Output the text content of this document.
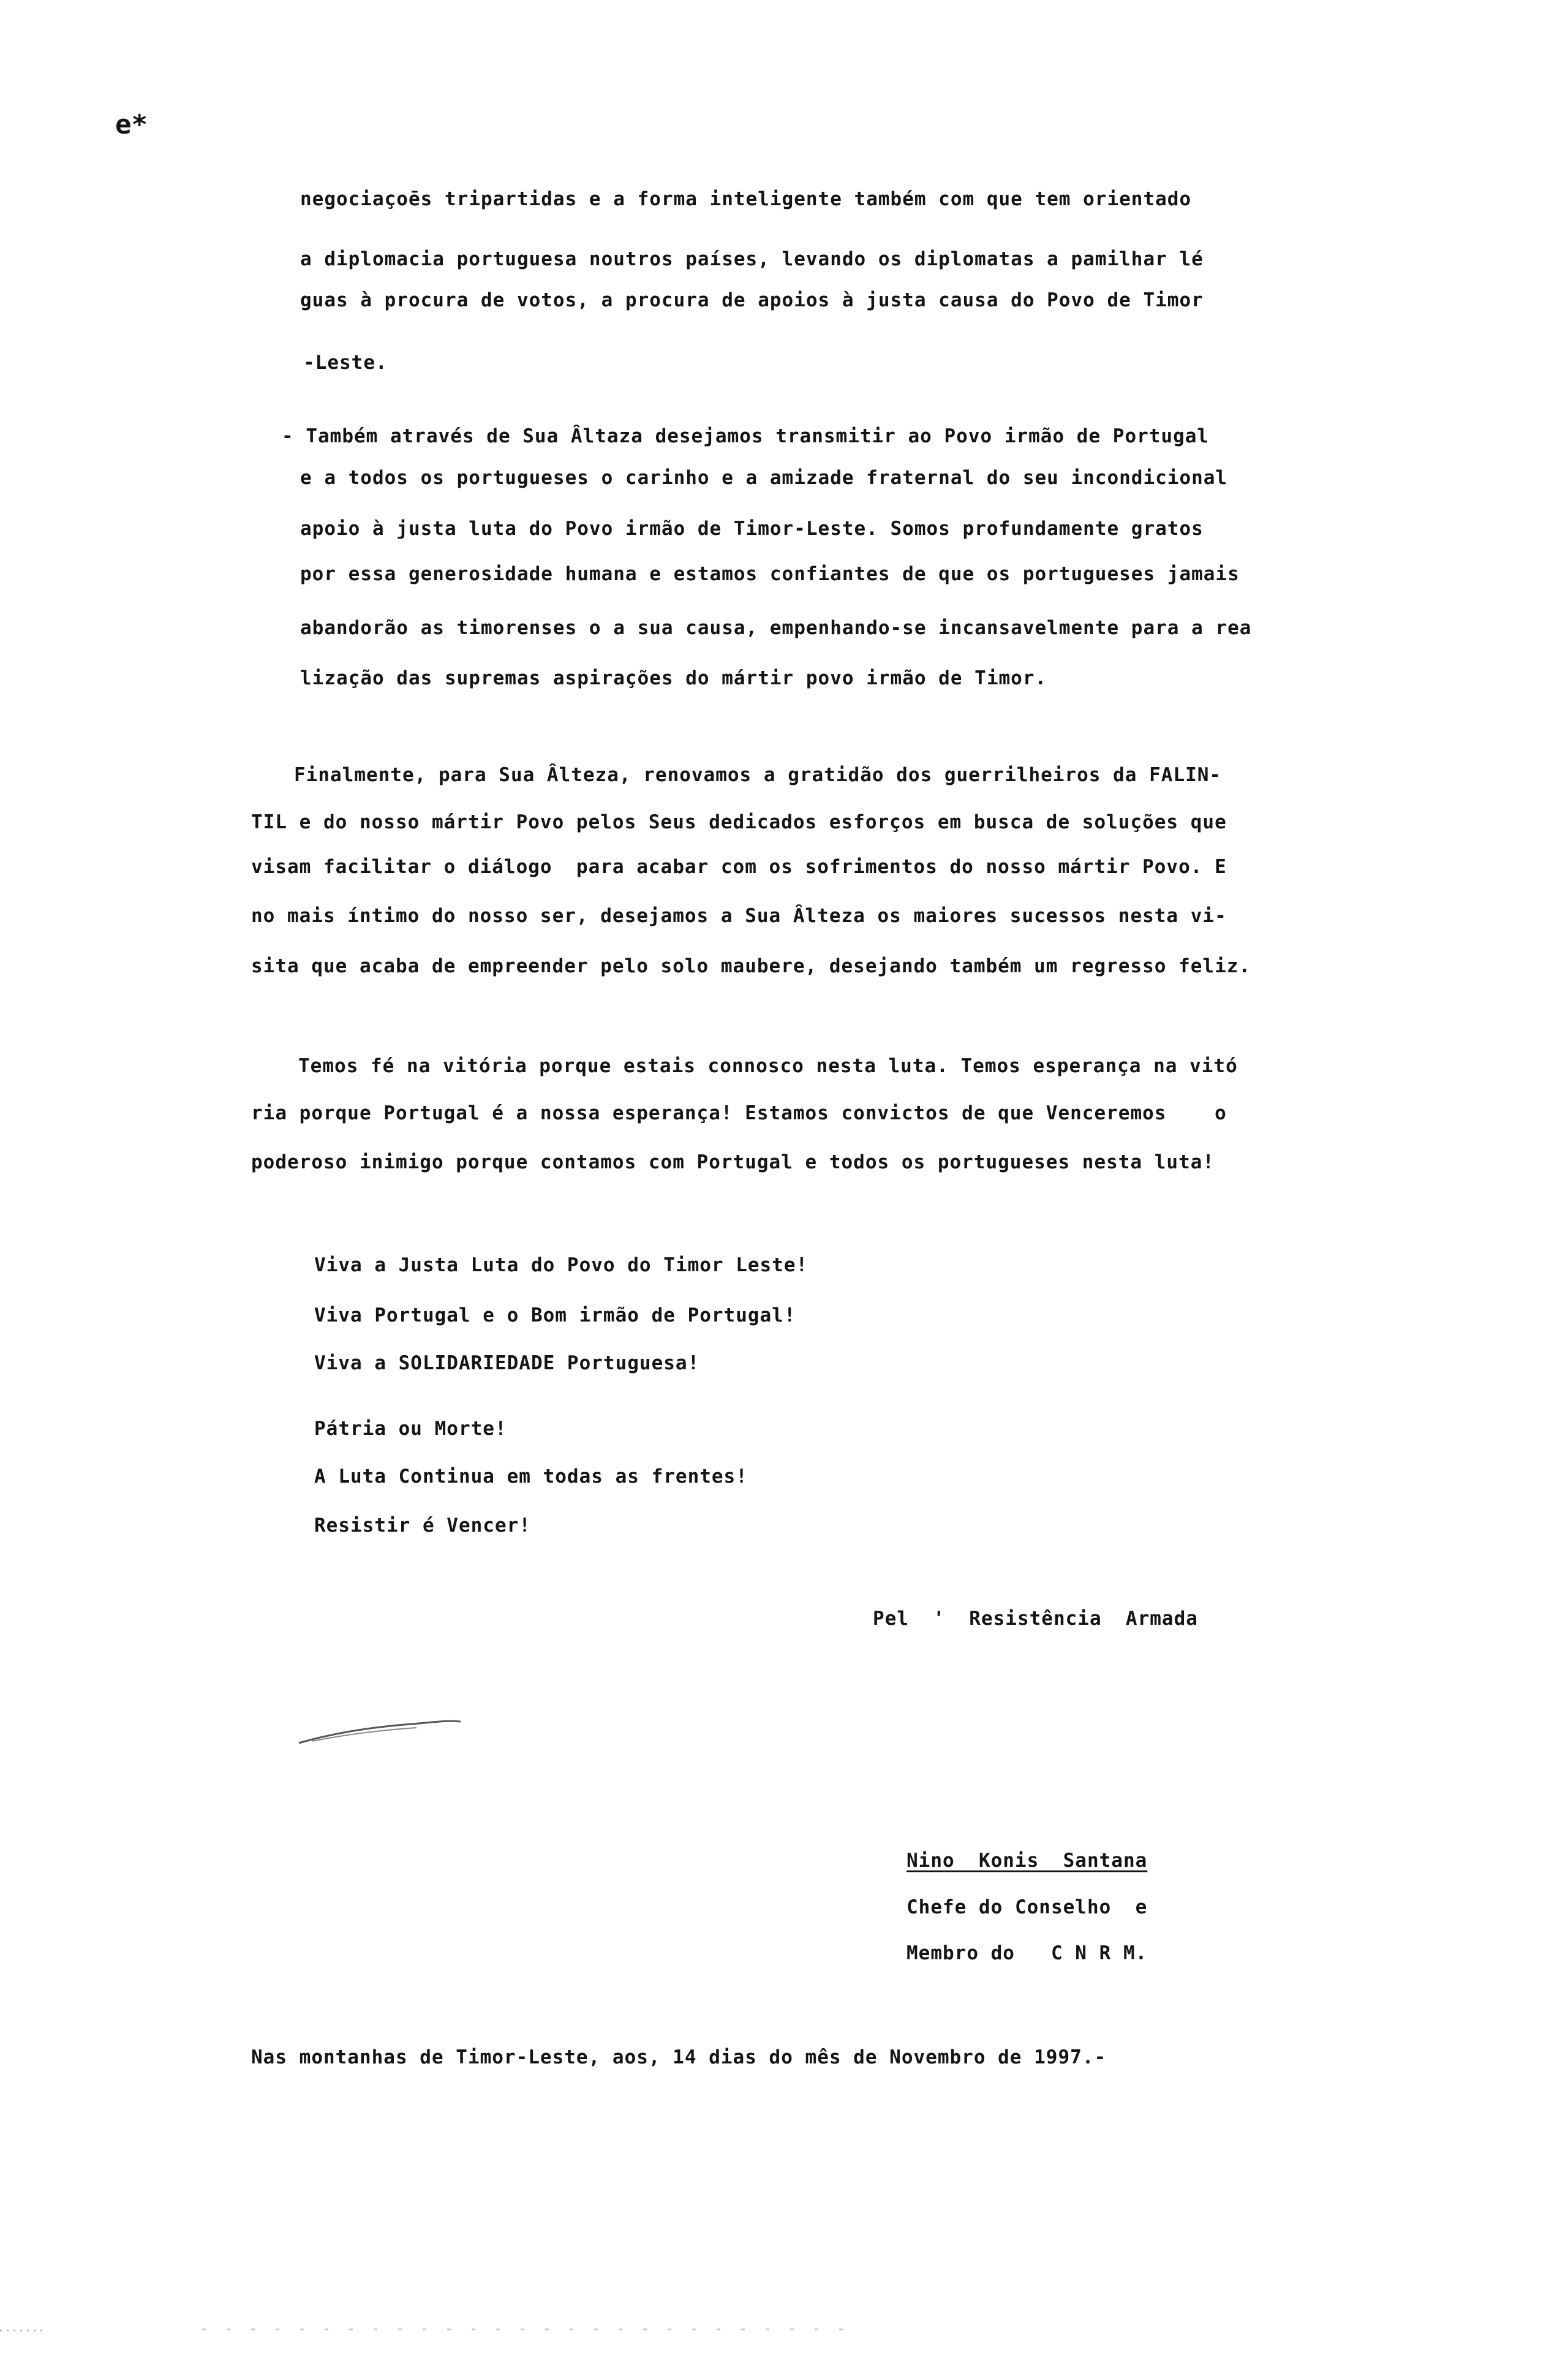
e*
negociaçoēs tripartidas e a forma inteligente também com que tem orientado
a diplomacia portuguesa noutros países, levando os diplomatas a pamilhar lé
guas à procura de votos, a procura de apoios à justa causa do Povo de Timor
-Leste.
- Também através de Sua Âltaza desejamos transmitir ao Povo irmão de Portugal
e a todos os portugueses o carinho e a amizade fraternal do seu incondicional
apoio à justa luta do Povo irmão de Timor-Leste. Somos profundamente gratos
por essa generosidade humana e estamos confiantes de que os portugueses jamais
abandorão as timorenses o a sua causa, empenhando-se incansavelmente para a rea
lização das supremas aspirações do mártir povo irmão de Timor.
Finalmente, para Sua Âlteza, renovamos a gratidão dos guerrilheiros da FALIN-
TIL e do nosso mártir Povo pelos Seus dedicados esforços em busca de soluções que
visam facilitar o diálogo  para acabar com os sofrimentos do nosso mártir Povo. E
no mais íntimo do nosso ser, desejamos a Sua Âlteza os maiores sucessos nesta vi-
sita que acaba de empreender pelo solo maubere, desejando também um regresso feliz.
Temos fé na vitória porque estais connosco nesta luta. Temos esperança na vitó
ria porque Portugal é a nossa esperança! Estamos convictos de que Venceremos    o
poderoso inimigo porque contamos com Portugal e todos os portugueses nesta luta!
Viva a Justa Luta do Povo do Timor Leste!
Viva Portugal e o Bom irmão de Portugal!
Viva a SOLIDARIEDADE Portuguesa!
Pátria ou Morte!
A Luta Continua em todas as frentes!
Resistir é Vencer!
Pel  '  Resistência  Armada
Nino  Konis  Santana
Chefe do Conselho  e
Membro do   C N R M.
Nas montanhas de Timor-Leste, aos, 14 dias do mês de Novembro de 1997.-
